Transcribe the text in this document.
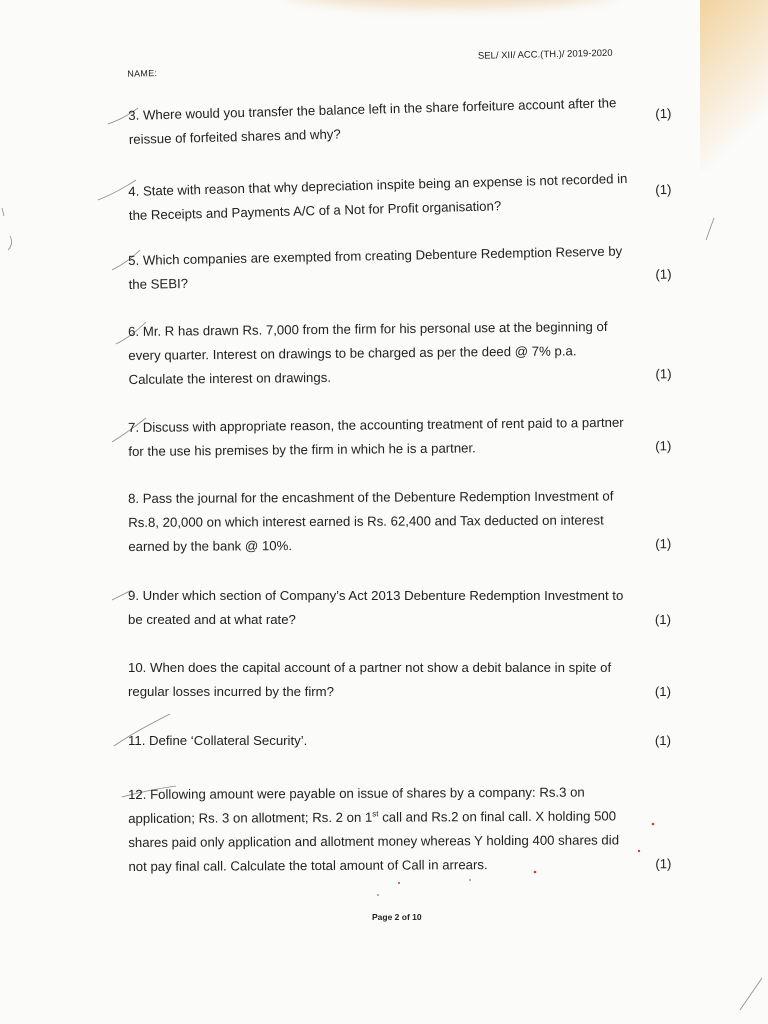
NAME:
SEL/ XII/ ACC.(TH.)/ 2019-2020
3. Where would you transfer the balance left in the share forfeiture account after the
reissue of forfeited shares and why?
(1)
4. State with reason that why depreciation inspite being an expense is not recorded in
the Receipts and Payments A/C of a Not for Profit organisation?
(1)
5. Which companies are exempted from creating Debenture Redemption Reserve by
the SEBI?
(1)
6. Mr. R has drawn Rs. 7,000 from the firm for his personal use at the beginning of
every quarter. Interest on drawings to be charged as per the deed @ 7% p.a.
Calculate the interest on drawings.	(1)
7. Discuss with appropriate reason, the accounting treatment of rent paid to a partner
for the use his premises by the firm in which he is a partner.	(1)
8. Pass the journal for the encashment of the Debenture Redemption Investment of
Rs.8, 20,000 on which interest earned is Rs. 62,400 and Tax deducted on interest
earned by the bank @ 10%.	(1)
9. Under which section of Company’s Act 2013 Debenture Redemption Investment to
be created and at what rate?	(1)
10. When does the capital account of a partner not show a debit balance in spite of
regular losses incurred by the firm?	(1)
11. Define ‘Collateral Security’.	(1)
12. Following amount were payable on issue of shares by a company: Rs.3 on
application; Rs. 3 on allotment; Rs. 2 on 1st call and Rs.2 on final call. X holding 500
shares paid only application and allotment money whereas Y holding 400 shares did
not pay final call. Calculate the total amount of Call in arrears.	(1)
Page 2 of 10
